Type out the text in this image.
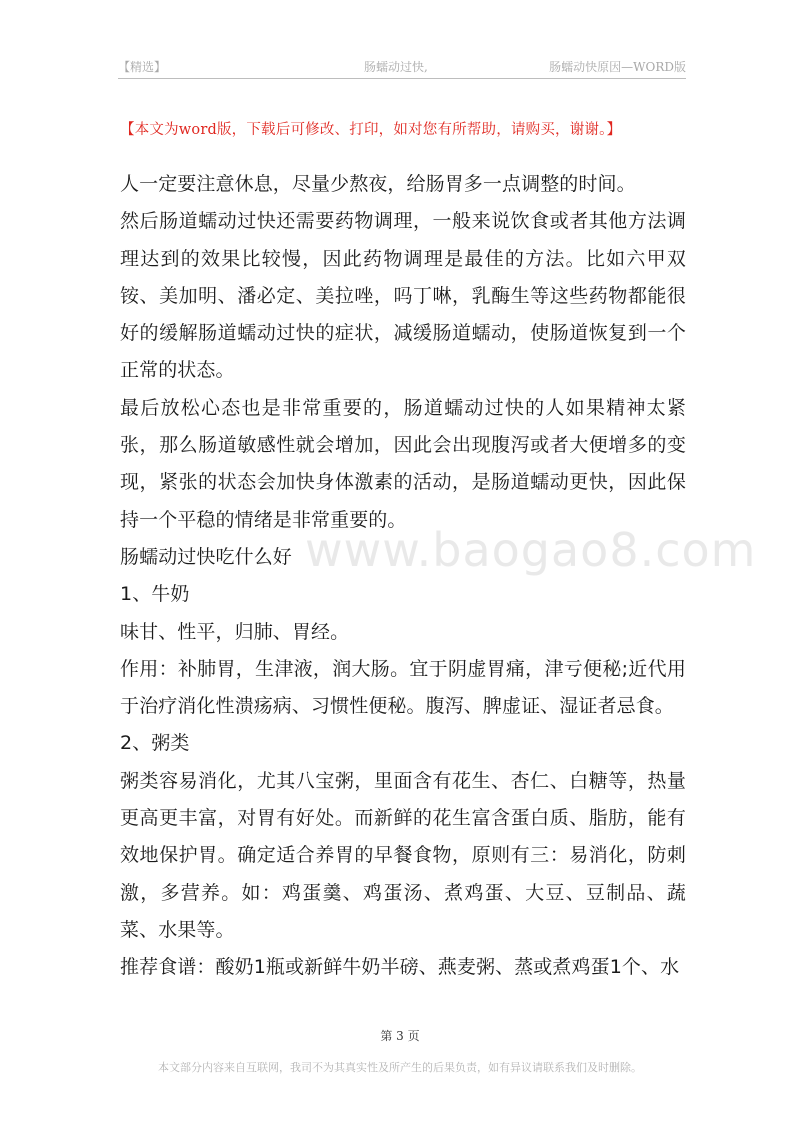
【精选】	肠蠕动过快,	肠蠕动快原因—WORD版
【本文为word版，下载后可修改、打印，如对您有所帮助，请购买，谢谢。】
www.baogao8.com

人一定要注意休息，尽量少熬夜，给肠胃多一点调整的时间。

然后肠道蠕动过快还需要药物调理，一般来说饮食或者其他方法调理达到的效果比较慢，因此药物调理是最佳的方法。比如六甲双铵、美加明、潘必定、美拉唑，吗丁啉，乳酶生等这些药物都能很好的缓解肠道蠕动过快的症状，减缓肠道蠕动，使肠道恢复到一个正常的状态。

最后放松心态也是非常重要的，肠道蠕动过快的人如果精神太紧张，那么肠道敏感性就会增加，因此会出现腹泻或者大便增多的变现，紧张的状态会加快身体激素的活动，是肠道蠕动更快，因此保持一个平稳的情绪是非常重要的。

肠蠕动过快吃什么好

1、牛奶

味甘、性平，归肺、胃经。

作用：补肺胃，生津液，润大肠。宜于阴虚胃痛，津亏便秘;近代用于治疗消化性溃疡病、习惯性便秘。腹泻、脾虚证、湿证者忌食。

2、粥类

粥类容易消化，尤其八宝粥，里面含有花生、杏仁、白糖等，热量更高更丰富，对胃有好处。而新鲜的花生富含蛋白质、脂肪，能有效地保护胃。确定适合养胃的早餐食物，原则有三：易消化，防刺激，多营养。如：鸡蛋羹、鸡蛋汤、煮鸡蛋、大豆、豆制品、蔬菜、水果等。

推荐食谱：酸奶1瓶或新鲜牛奶半磅、燕麦粥、蒸或煮鸡蛋1个、水

第 3 页
本文部分内容来自互联网，我司不为其真实性及所产生的后果负责，如有异议请联系我们及时删除。
